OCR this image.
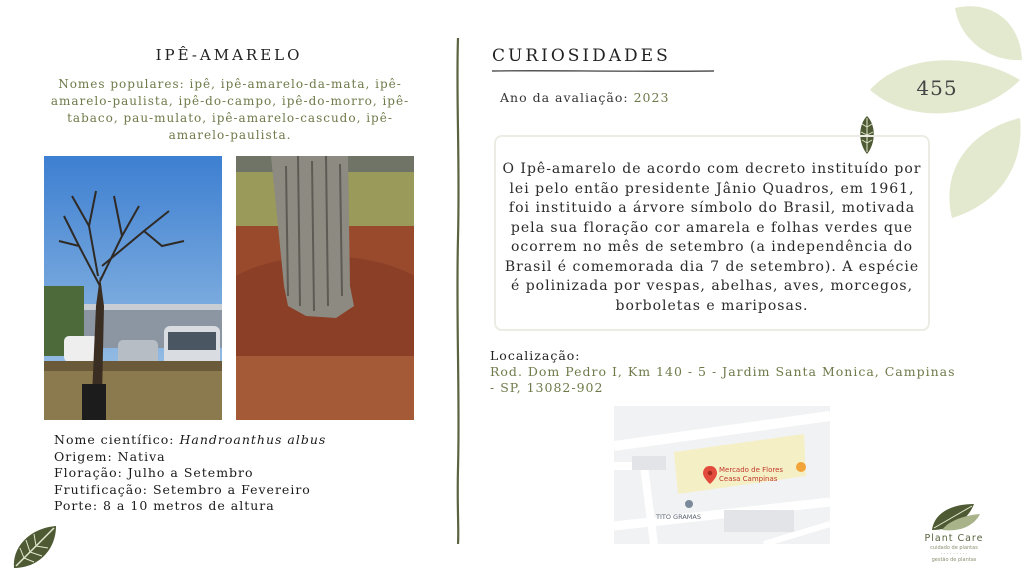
IPÊ-AMARELO
Nomes populares: ipê, ipê-amarelo-da-mata, ipê-amarelo-paulista, ipê-do-campo, ipê-do-morro, ipê-tabaco, pau-mulato, ipê-amarelo-cascudo, ipê-amarelo-paulista.
Nome científico: Handroanthus albus
Origem: Nativa
Floração: Julho a Setembro
Frutificação: Setembro a Fevereiro
Porte: 8 a 10 metros de altura
CURIOSIDADES
Ano da avaliação: 2023	455
O Ipê-amarelo de acordo com decreto instituído por lei pelo então presidente Jânio Quadros, em 1961, foi instituido a árvore símbolo do Brasil, motivada pela sua floração cor amarela e folhas verdes que ocorrem no mês de setembro (a independência do Brasil é comemorada dia 7 de setembro). A espécie é polinizada por vespas, abelhas, aves, morcegos, borboletas e mariposas.
Localização:
Rod. Dom Pedro I, Km 140 - 5 - Jardim Santa Monica, Campinas - SP, 13082-902
Mercado de Flores
Ceasa Campinas
TITO GRAMAS
Plant Care
cuidado de plantas
· · · · · · · · ·
gestão de plantas
